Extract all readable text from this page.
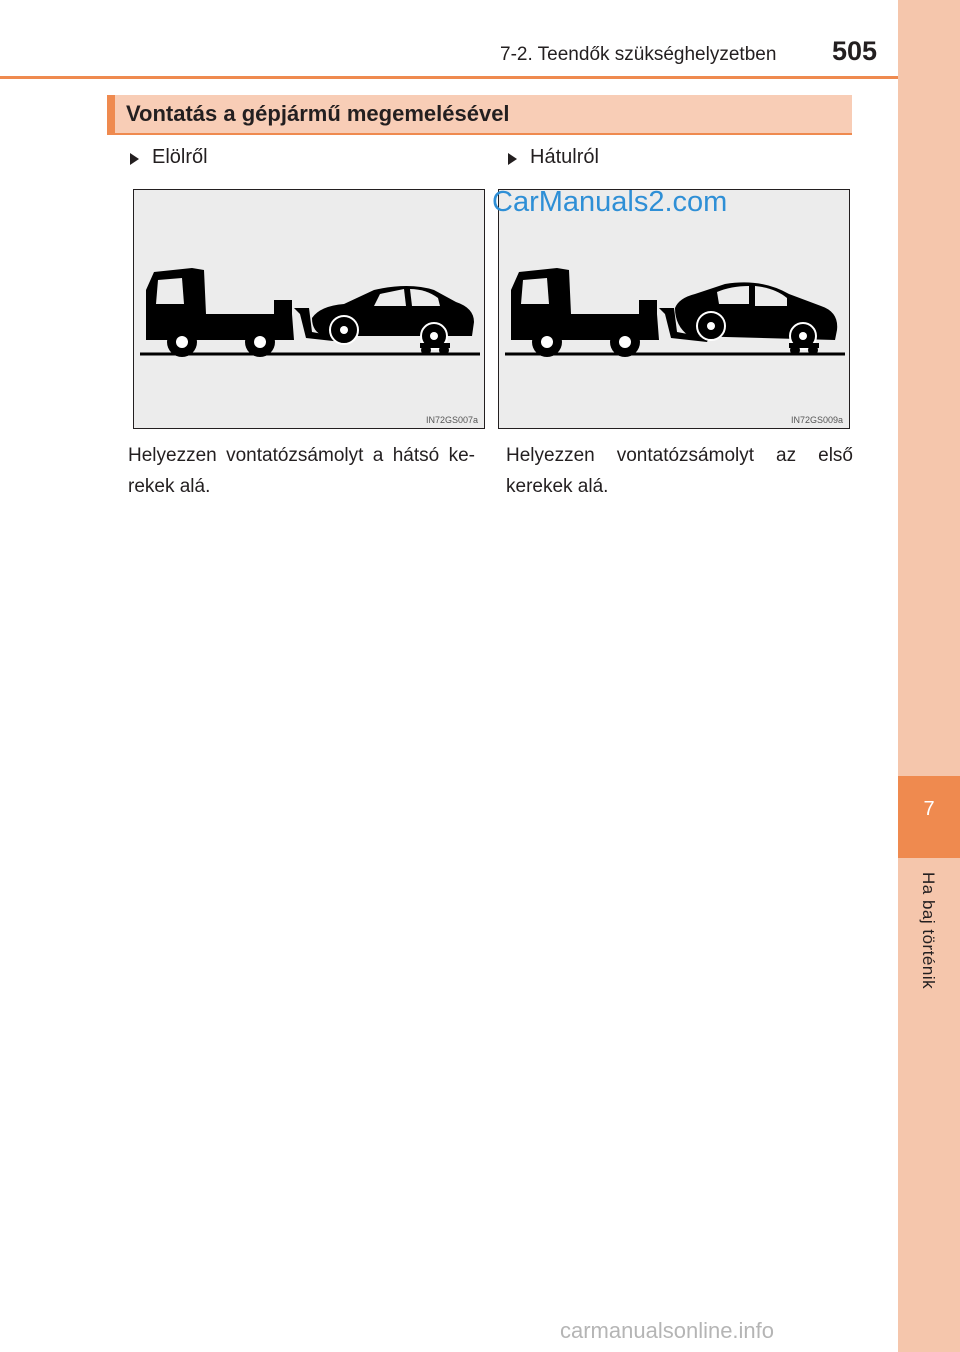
7
Ha baj történik
7-2. Teendők szükséghelyzetben 505
Vontatás a gépjármű megemelésével
Elölről	Hátulról
IN72GS007a	IN72GS009a
CarManuals2.com
Helyezzen vontatózsámolyt a hátsó ke-rekek alá.
Helyezzen vontatózsámolyt az első kerekek alá.
carmanualsonline.info
